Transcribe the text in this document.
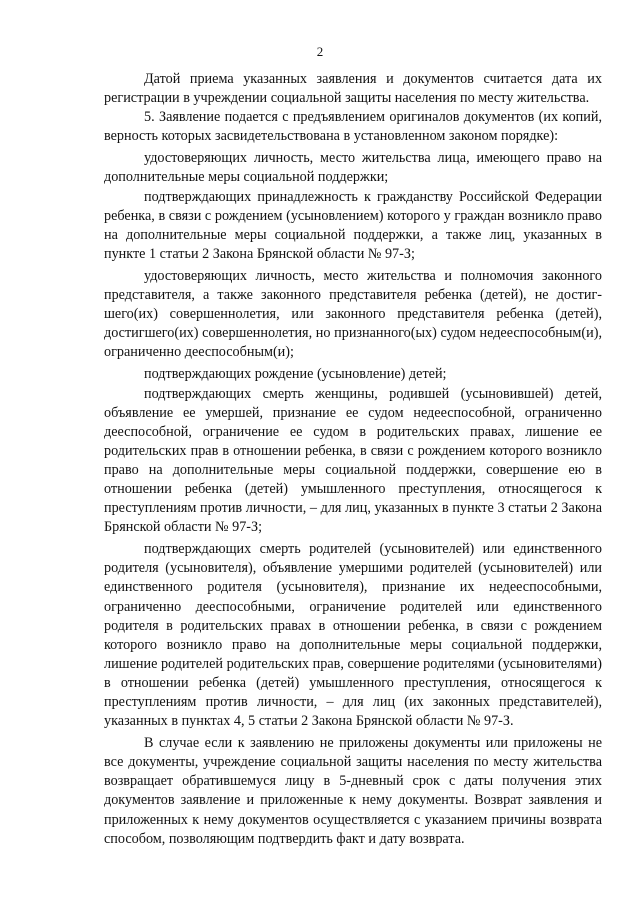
2

Датой приема указанных заявления и документов считается дата их регистрации в учреждении социальной защиты населения по месту жительства.

5. Заявление подается с предъявлением оригиналов документов (их копий, верность которых засвидетельствована в установленном законом порядке):

удостоверяющих личность, место жительства лица, имеющего право на дополнительные меры социальной поддержки;

подтверждающих принадлежность к гражданству Российской Федерации ребенка, в связи с рождением (усыновлением) которого у граждан возникло право на дополнительные меры социальной поддержки, а также лиц, указанных в пункте 1 статьи 2 Закона Брянской области № 97-З;

удостоверяющих личность, место жительства и полномочия законного представителя, а также законного представителя ребенка (детей), не достигшего(их) совершеннолетия, или законного представителя ребенка (детей), достигшего(их) совершеннолетия, но признанного(ых) судом недееспособным(и), ограниченно дееспособным(и);

подтверждающих рождение (усыновление) детей;

подтверждающих смерть женщины, родившей (усыновившей) детей, объявление ее умершей, признание ее судом недееспособной, ограниченно дееспособной, ограничение ее судом в родительских правах, лишение ее родительских прав в отношении ребенка, в связи с рождением которого возникло право на дополнительные меры социальной поддержки, совершение ею в отношении ребенка (детей) умышленного преступления, относящегося к преступлениям против личности, – для лиц, указанных в пункте 3 статьи 2 Закона Брянской области № 97-З;

подтверждающих смерть родителей (усыновителей) или единственного родителя (усыновителя), объявление умершими родителей (усыновителей) или единственного родителя (усыновителя), признание их недееспособными, ограниченно дееспособными, ограничение родителей или единственного родителя в родительских правах в отношении ребенка, в связи с рождением которого возникло право на дополнительные меры социальной поддержки, лишение родителей родительских прав, совершение родителями (усыновителями) в отношении ребенка (детей) умышленного преступления, относящегося к преступлениям против личности, – для лиц (их законных представителей), указанных в пунктах 4, 5 статьи 2 Закона Брянской области № 97-З.

В случае если к заявлению не приложены документы или приложены не все документы, учреждение социальной защиты населения по месту жительства возвращает обратившемуся лицу в 5-дневный срок с даты получения этих документов заявление и приложенные к нему документы. Возврат заявления и приложенных к нему документов осуществляется с указанием причины возврата способом, позволяющим подтвердить факт и дату возврата.
